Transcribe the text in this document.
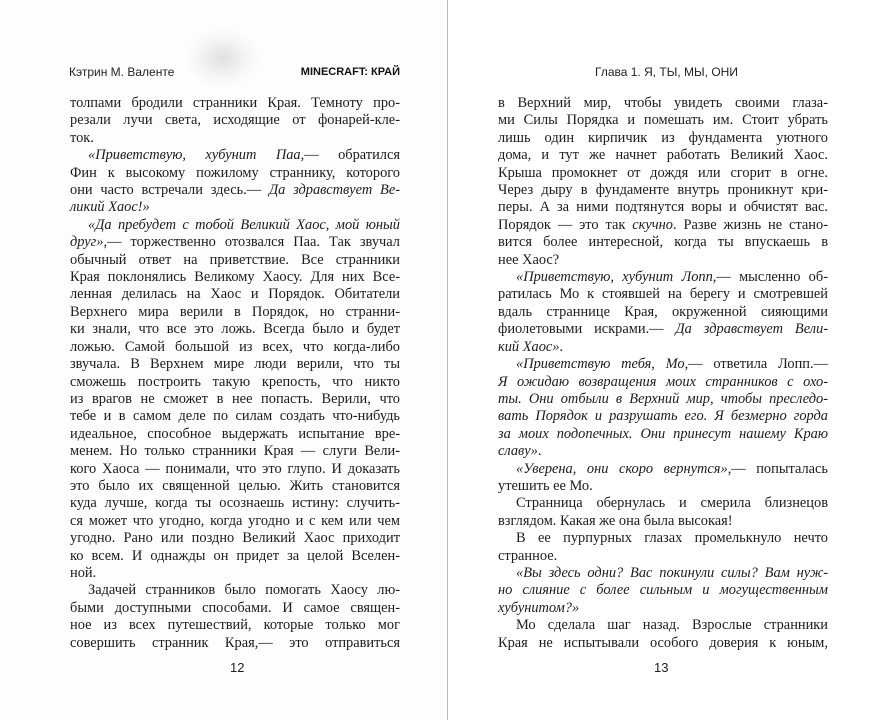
Кэтрин М. Валенте	MINECRAFT: КРАЙ
толпами бродили странники Края. Темноту про-
резали лучи света, исходящие от фонарей-кле-
ток.
«Приветствую, хубунит Паа,— обратился
Фин к высокому пожилому страннику, которого
они часто встречали здесь.— Да здравствует Ве-
ликий Хаос!»
«Да пребудет с тобой Великий Хаос, мой юный
друг»,— торжественно отозвался Паа. Так звучал
обычный ответ на приветствие. Все странники
Края поклонялись Великому Хаосу. Для них Все-
ленная делилась на Хаос и Порядок. Обитатели
Верхнего мира верили в Порядок, но странни-
ки знали, что все это ложь. Всегда было и будет
ложью. Самой большой из всех, что когда-либо
звучала. В Верхнем мире люди верили, что ты
сможешь построить такую крепость, что никто
из врагов не сможет в нее попасть. Верили, что
тебе и в самом деле по силам создать что-нибудь
идеальное, способное выдержать испытание вре-
менем. Но только странники Края — слуги Вели-
кого Хаоса — понимали, что это глупо. И доказать
это было их священной целью. Жить становится
куда лучше, когда ты осознаешь истину: случить-
ся может что угодно, когда угодно и с кем или чем
угодно. Рано или поздно Великий Хаос приходит
ко всем. И однажды он придет за целой Вселен-
ной.
Задачей странников было помогать Хаосу лю-
быми доступными способами. И самое священ-
ное из всех путешествий, которые только мог
совершить странник Края,— это отправиться
12
Глава 1. Я, ТЫ, МЫ, ОНИ
в Верхний мир, чтобы увидеть своими глаза-
ми Силы Порядка и помешать им. Стоит убрать
лишь один кирпичик из фундамента уютного
дома, и тут же начнет работать Великий Хаос.
Крыша промокнет от дождя или сгорит в огне.
Через дыру в фундаменте внутрь проникнут кри-
перы. А за ними подтянутся воры и обчистят вас.
Порядок — это так скучно. Разве жизнь не стано-
вится более интересной, когда ты впускаешь в
нее Хаос?
«Приветствую, хубунит Лопп,— мысленно об-
ратилась Мо к стоявшей на берегу и смотревшей
вдаль страннице Края, окруженной сияющими
фиолетовыми искрами.— Да здравствует Вели-
кий Хаос».
«Приветствую тебя, Мо,— ответила Лопп.—
Я ожидаю возвращения моих странников с охо-
ты. Они отбыли в Верхний мир, чтобы преследо-
вать Порядок и разрушать его. Я безмерно горда
за моих подопечных. Они принесут нашему Краю
славу».
«Уверена, они скоро вернутся»,— попыталась
утешить ее Мо.
Странница обернулась и смерила близнецов
взглядом. Какая же она была высокая!
В ее пурпурных глазах промелькнуло нечто
странное.
«Вы здесь одни? Вас покинули силы? Вам нуж-
но слияние с более сильным и могущественным
хубунитом?»
Мо сделала шаг назад. Взрослые странники
Края не испытывали особого доверия к юным,
13
